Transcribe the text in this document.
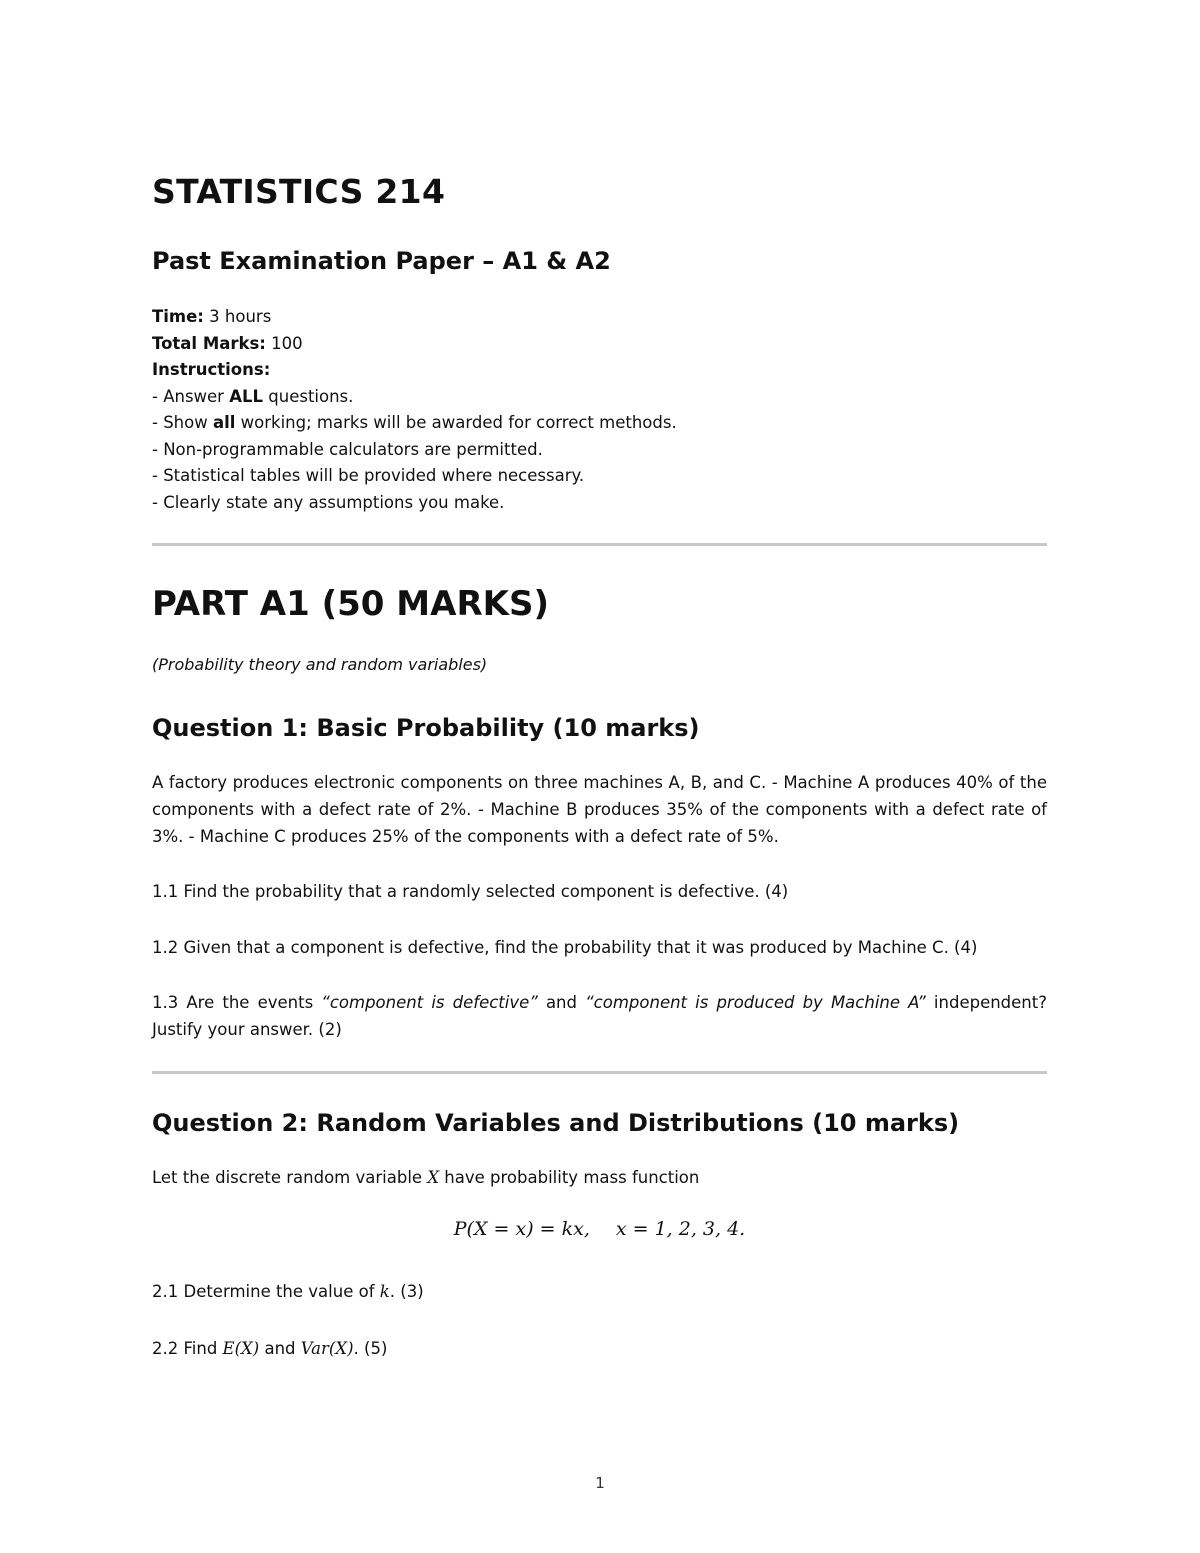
STATISTICS 214
Past Examination Paper – A1 & A2
Time: 3 hours
Total Marks: 100
Instructions:
- Answer ALL questions.
- Show all working; marks will be awarded for correct methods.
- Non-programmable calculators are permitted.
- Statistical tables will be provided where necessary.
- Clearly state any assumptions you make.
PART A1 (50 MARKS)

(Probability theory and random variables)

Question 1: Basic Probability (10 marks)

A factory produces electronic components on three machines A, B, and C. - Machine A produces 40% of the components with a defect rate of 2%. - Machine B produces 35% of the components with a defect rate of 3%. - Machine C produces 25% of the components with a defect rate of 5%.

1.1 Find the probability that a randomly selected component is defective. (4)

1.2 Given that a component is defective, find the probability that it was produced by Machine C. (4)

1.3 Are the events “component is defective” and “component is produced by Machine A” independent? Justify your answer. (2)

Question 2: Random Variables and Distributions (10 marks)

Let the discrete random variable X have probability mass function

P(X = x) = kx, x = 1, 2, 3, 4.

2.1 Determine the value of k. (3)

2.2 Find E(X) and Var(X). (5)

1
